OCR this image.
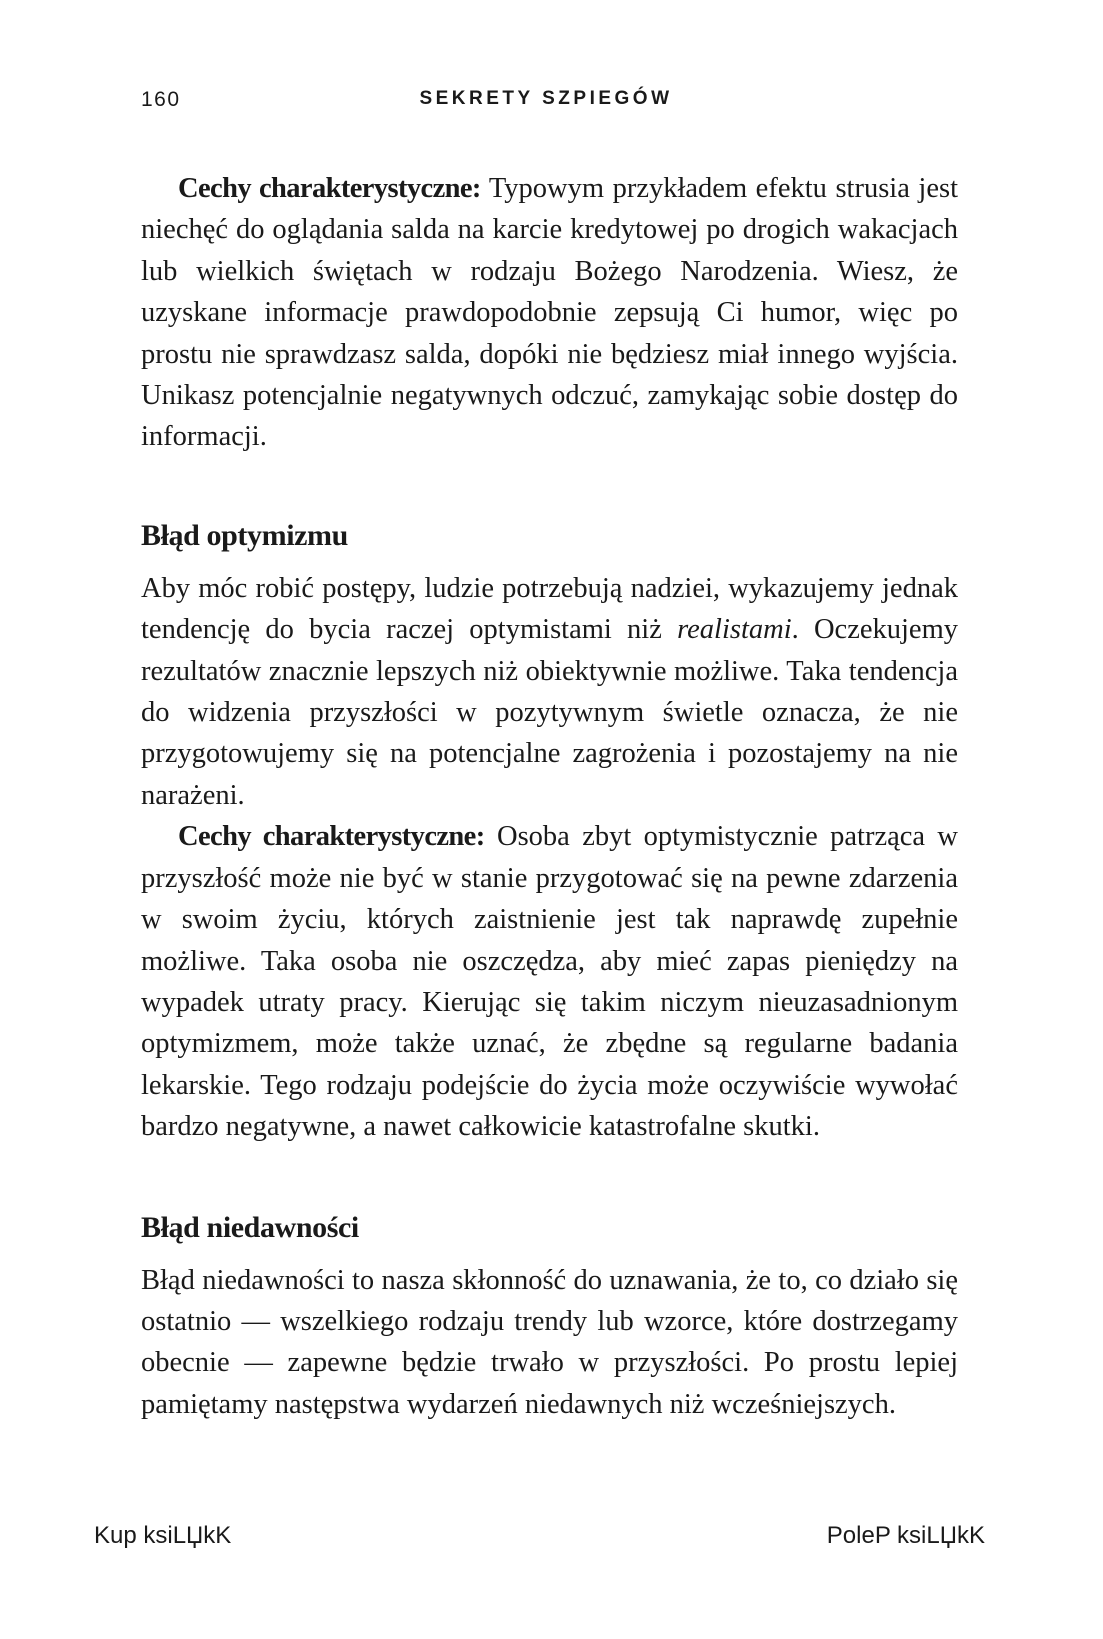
160	SEKRETY SZPIEGÓW

Cechy charakterystyczne: Typowym przykładem efektu strusia jest niechęć do oglądania salda na karcie kredytowej po drogich wakacjach lub wielkich świętach w rodzaju Bożego Narodzenia. Wiesz, że uzyskane informacje prawdopodobnie zepsują Ci humor, więc po prostu nie sprawdzasz salda, dopóki nie będziesz miał innego wyjścia. Unikasz potencjalnie negatywnych odczuć, zamykając sobie dostęp do informacji.

Błąd optymizmu

Aby móc robić postępy, ludzie potrzebują nadziei, wykazujemy jednak tendencję do bycia raczej optymistami niż realistami. Oczekujemy rezultatów znacznie lepszych niż obiektywnie możliwe. Taka tendencja do widzenia przyszłości w pozytywnym świetle oznacza, że nie przygotowujemy się na potencjalne zagrożenia i pozostajemy na nie narażeni.

Cechy charakterystyczne: Osoba zbyt optymistycznie patrząca w przyszłość może nie być w stanie przygotować się na pewne zdarzenia w swoim życiu, których zaistnienie jest tak naprawdę zupełnie możliwe. Taka osoba nie oszczędza, aby mieć zapas pieniędzy na wypadek utraty pracy. Kierując się takim niczym nieuzasadnionym optymizmem, może także uznać, że zbędne są regularne badania lekarskie. Tego rodzaju podejście do życia może oczywiście wywołać bardzo negatywne, a nawet całkowicie katastrofalne skutki.

Błąd niedawności

Błąd niedawności to nasza skłonność do uznawania, że to, co działo się ostatnio — wszelkiego rodzaju trendy lub wzorce, które dostrzegamy obecnie — zapewne będzie trwało w przyszłości. Po prostu lepiej pamiętamy następstwa wydarzeń niedawnych niż wcześniejszych.

Kup ksiLЏkK	PoleP ksiLЏkK
